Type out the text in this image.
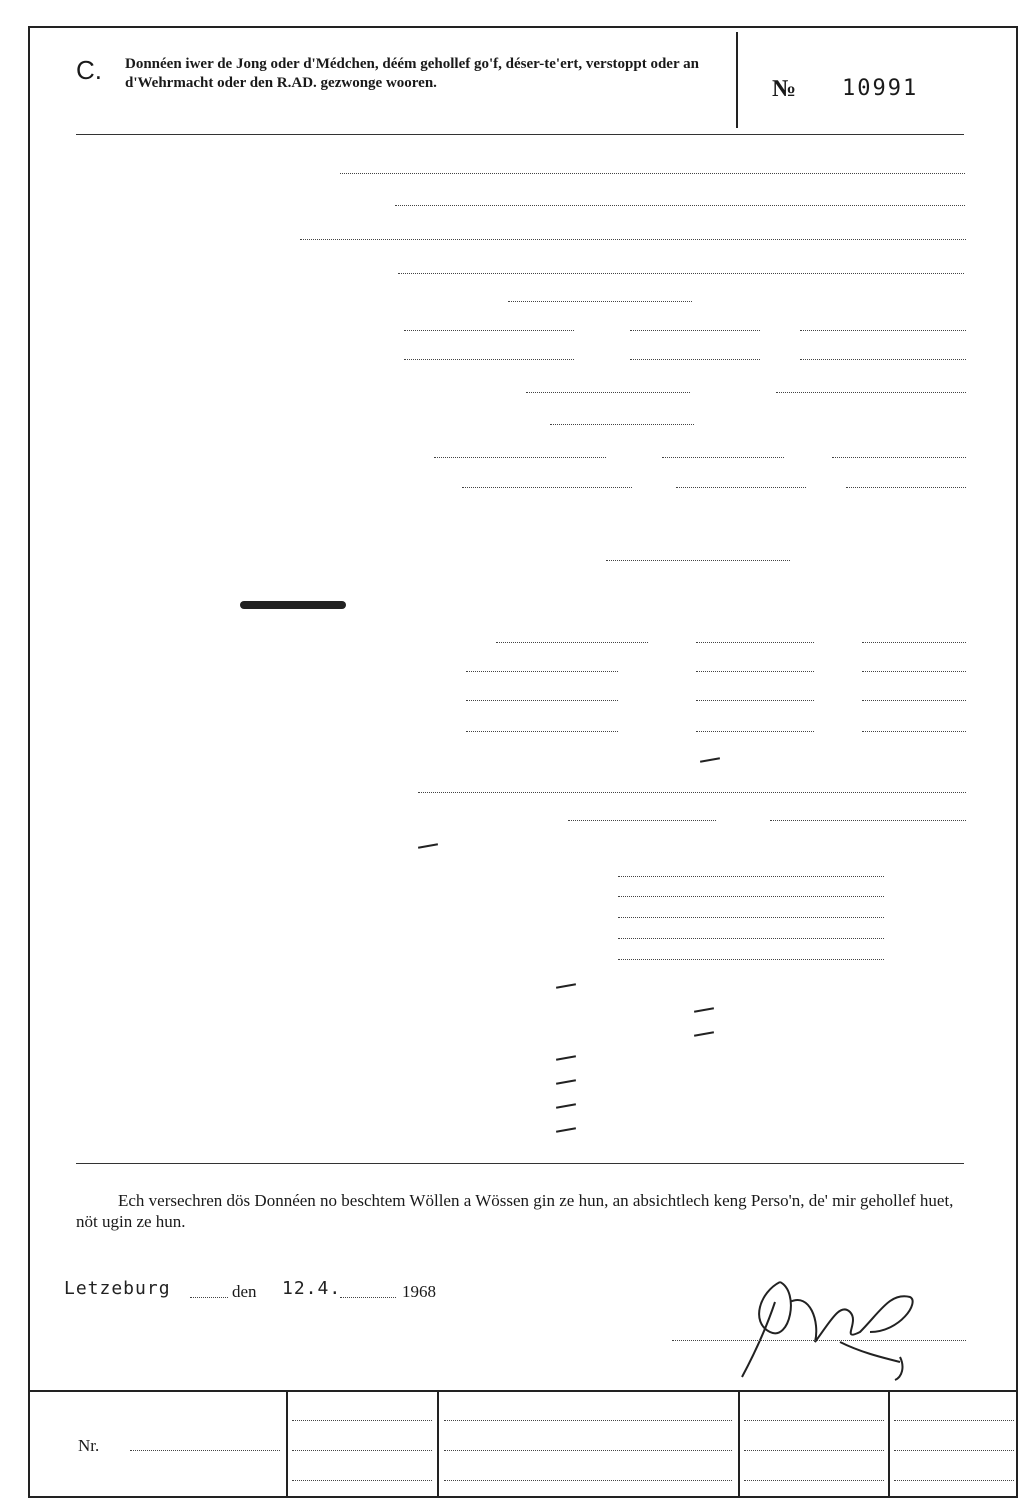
C. Donnéen iwer de Jong oder d'Médchen, déém gehollef go'f, déser-te'ert, verstoppt oder an d'Wehrmacht oder den R.AD. gezwonge wooren.	№ 10991
Ech versechren dös Donnéen no beschtem Wöllen a Wössen gin ze hun, an absichtlech keng Perso'n, de' mir gehollef huet, nöt ugin ze hun.
Letzeburg	den 12.4.	1968
Nr.
